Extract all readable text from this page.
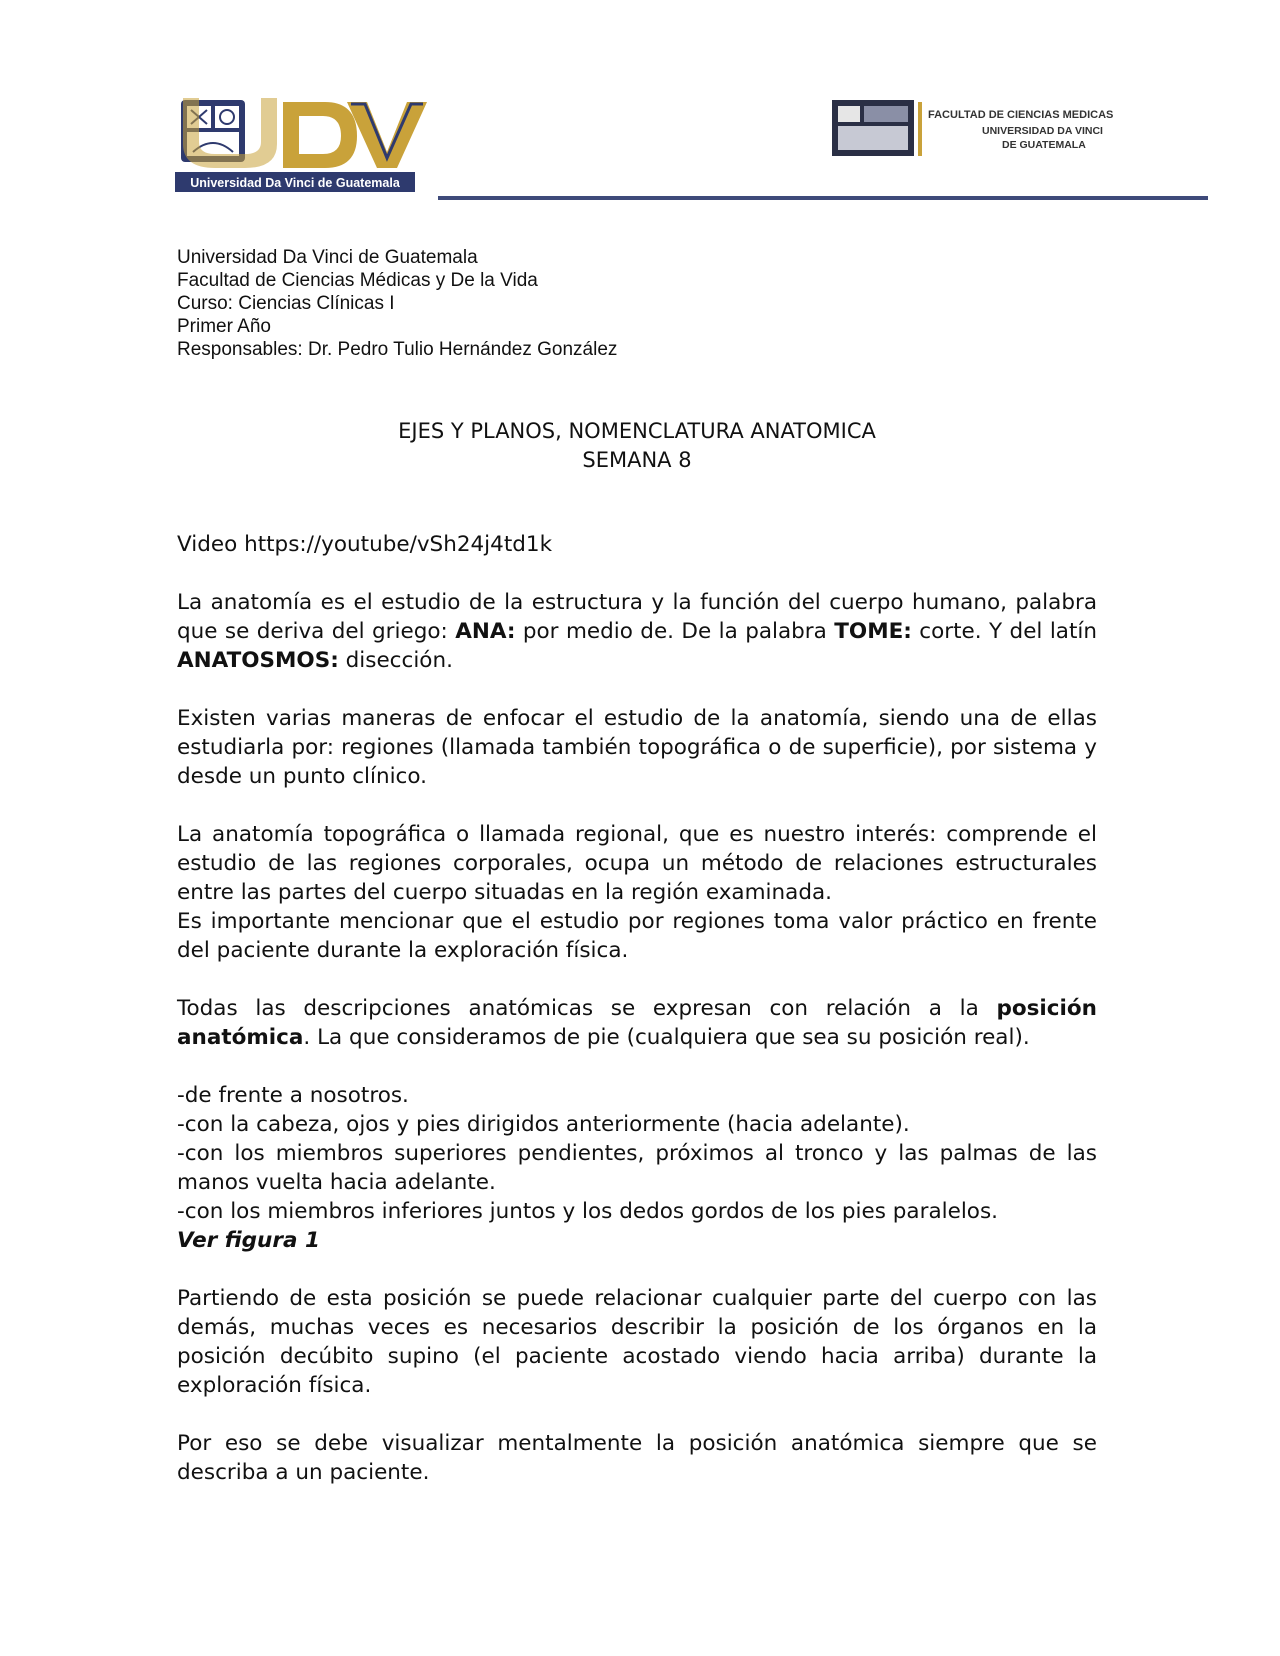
Universidad Da Vinci de Guatemala
FACULTAD DE CIENCIAS MEDICAS
UNIVERSIDAD DA VINCI
DE GUATEMALA
Universidad Da Vinci de Guatemala
Facultad de Ciencias Médicas y De la Vida
Curso: Ciencias Clínicas I
Primer Año
Responsables: Dr. Pedro Tulio Hernández González
EJES Y PLANOS, NOMENCLATURA ANATOMICA
SEMANA 8

Video https://youtube/vSh24j4td1k

La anatomía es el estudio de la estructura y la función del cuerpo humano, palabra que se deriva del griego: ANA: por medio de. De la palabra TOME: corte. Y del latín ANATOSMOS: disección.

Existen varias maneras de enfocar el estudio de la anatomía, siendo una de ellas estudiarla por: regiones (llamada también topográfica o de superficie), por sistema y desde un punto clínico.

La anatomía topográfica o llamada regional, que es nuestro interés: comprende el estudio de las regiones corporales, ocupa un método de relaciones estructurales entre las partes del cuerpo situadas en la región examinada.

Es importante mencionar que el estudio por regiones toma valor práctico en frente del paciente durante la exploración física.

Todas las descripciones anatómicas se expresan con relación a la posición anatómica. La que consideramos de pie (cualquiera que sea su posición real).

-de frente a nosotros.

-con la cabeza, ojos y pies dirigidos anteriormente (hacia adelante).

-con los miembros superiores pendientes, próximos al tronco y las palmas de las manos vuelta hacia adelante.

-con los miembros inferiores juntos y los dedos gordos de los pies paralelos.

Ver figura 1

Partiendo de esta posición se puede relacionar cualquier parte del cuerpo con las demás, muchas veces es necesarios describir la posición de los órganos en la posición decúbito supino (el paciente acostado viendo hacia arriba) durante la exploración física.

Por eso se debe visualizar mentalmente la posición anatómica siempre que se describa a un paciente.
